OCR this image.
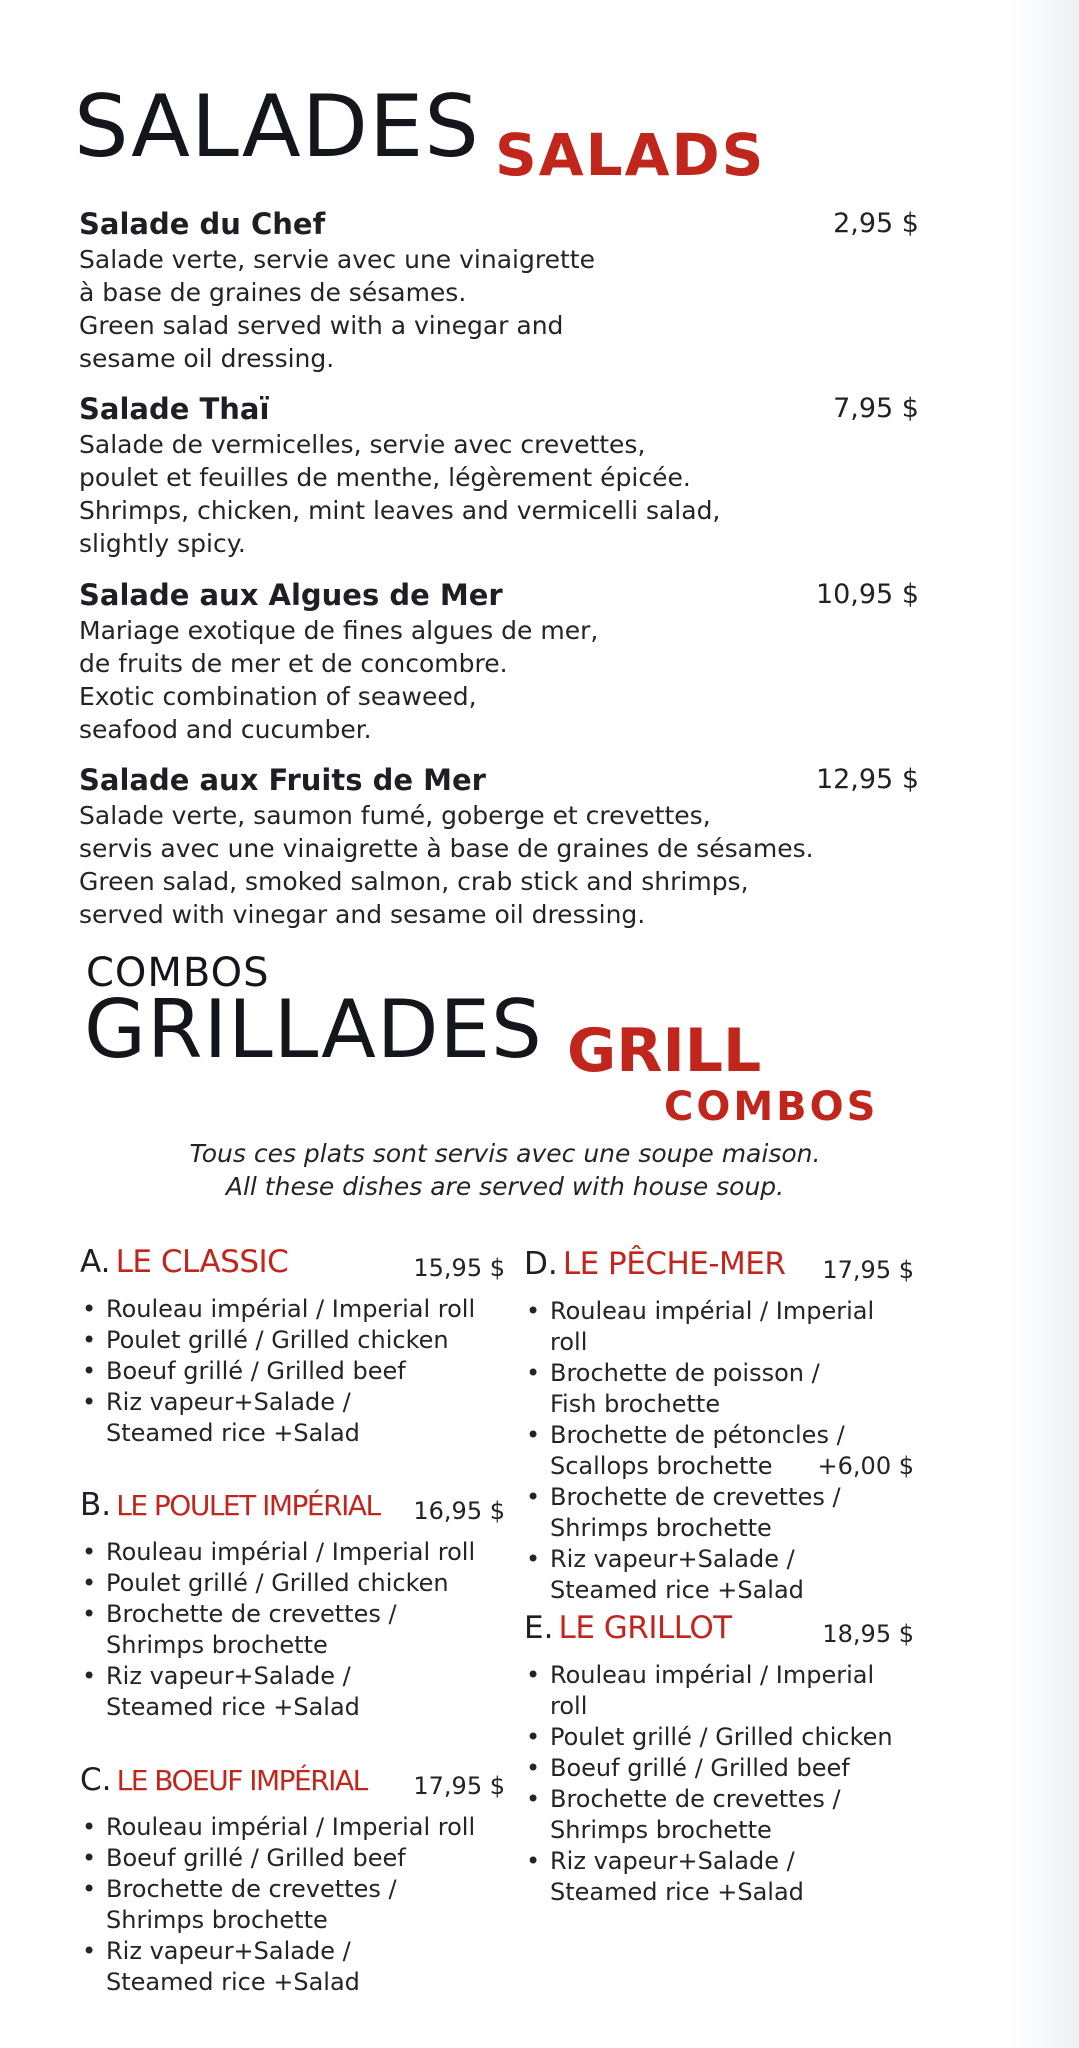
SALADES SALADS
Salade du Chef	2,95 $
Salade verte, servie avec une vinaigrette
à base de graines de sésames.
Green salad served with a vinegar and
sesame oil dressing.
Salade Thaï	7,95 $
Salade de vermicelles, servie avec crevettes,
poulet et feuilles de menthe, légèrement épicée.
Shrimps, chicken, mint leaves and vermicelli salad,
slightly spicy.
Salade aux Algues de Mer	10,95 $
Mariage exotique de fines algues de mer,
de fruits de mer et de concombre.
Exotic combination of seaweed,
seafood and cucumber.
Salade aux Fruits de Mer	12,95 $
Salade verte, saumon fumé, goberge et crevettes,
servis avec une vinaigrette à base de graines de sésames.
Green salad, smoked salmon, crab stick and shrimps,
served with vinegar and sesame oil dressing.
COMBOS
GRILLADES GRILL
COMBOS
Tous ces plats sont servis avec une soupe maison.
All these dishes are served with house soup.
A. LE CLASSIC	15,95 $
• Rouleau impérial / Imperial roll
• Poulet grillé / Grilled chicken
• Boeuf grillé / Grilled beef
• Riz vapeur+Salade /
Steamed rice +Salad
B. LE POULET IMPÉRIAL 16,95 $
• Rouleau impérial / Imperial roll
• Poulet grillé / Grilled chicken
• Brochette de crevettes /
Shrimps brochette
• Riz vapeur+Salade /
Steamed rice +Salad
C. LE BOEUF IMPÉRIAL 17,95 $
• Rouleau impérial / Imperial roll
• Boeuf grillé / Grilled beef
• Brochette de crevettes /
Shrimps brochette
• Riz vapeur+Salade /
Steamed rice +Salad
D. LE PÊCHE-MER 17,95 $
• Rouleau impérial / Imperial roll
• Brochette de poisson /
Fish brochette
• Brochette de pétoncles /
Scallops brochette +6,00 $
• Brochette de crevettes /
Shrimps brochette
• Riz vapeur+Salade /
Steamed rice +Salad
E. LE GRILLOT	18,95 $
• Rouleau impérial / Imperial roll
• Poulet grillé / Grilled chicken
• Boeuf grillé / Grilled beef
• Brochette de crevettes /
Shrimps brochette
• Riz vapeur+Salade /
Steamed rice +Salad
